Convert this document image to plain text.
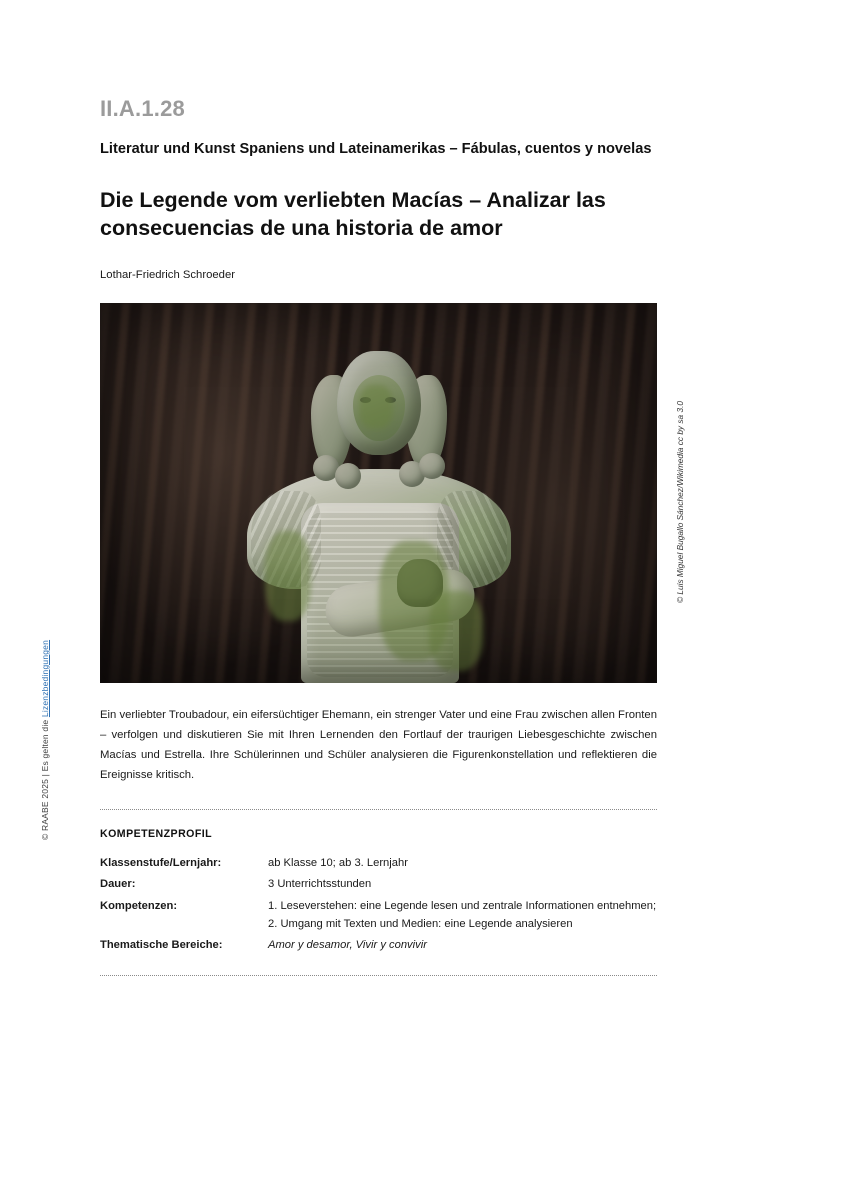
© RAABE 2025 | Es gelten die Lizenzbedingungen
II.A.1.28
Literatur und Kunst Spaniens und Lateinamerikas – Fábulas, cuentos y novelas
Die Legende vom verliebten Macías – Analizar las consecuencias de una historia de amor
Lothar-Friedrich Schroeder
© Luis Miguel Bugallo Sánchez/Wikimedia cc by sa 3.0

Ein verliebter Troubadour, ein eifersüchtiger Ehemann, ein strenger Vater und eine Frau zwischen allen Fronten – verfolgen und diskutieren Sie mit Ihren Lernenden den Fortlauf der traurigen Liebesgeschichte zwischen Macías und Estrella. Ihre Schülerinnen und Schüler analysieren die Figurenkonstellation und reflektieren die Ereignisse kritisch.

KOMPETENZPROFIL
Klassenstufe/Lernjahr:	ab Klasse 10; ab 3. Lernjahr
Dauer:	3 Unterrichtsstunden
Kompetenzen:	1. Leseverstehen: eine Legende lesen und zentrale Informationen entnehmen; 2. Umgang mit Texten und Medien: eine Legende analysieren
Thematische Bereiche:	Amor y desamor, Vivir y convivir
